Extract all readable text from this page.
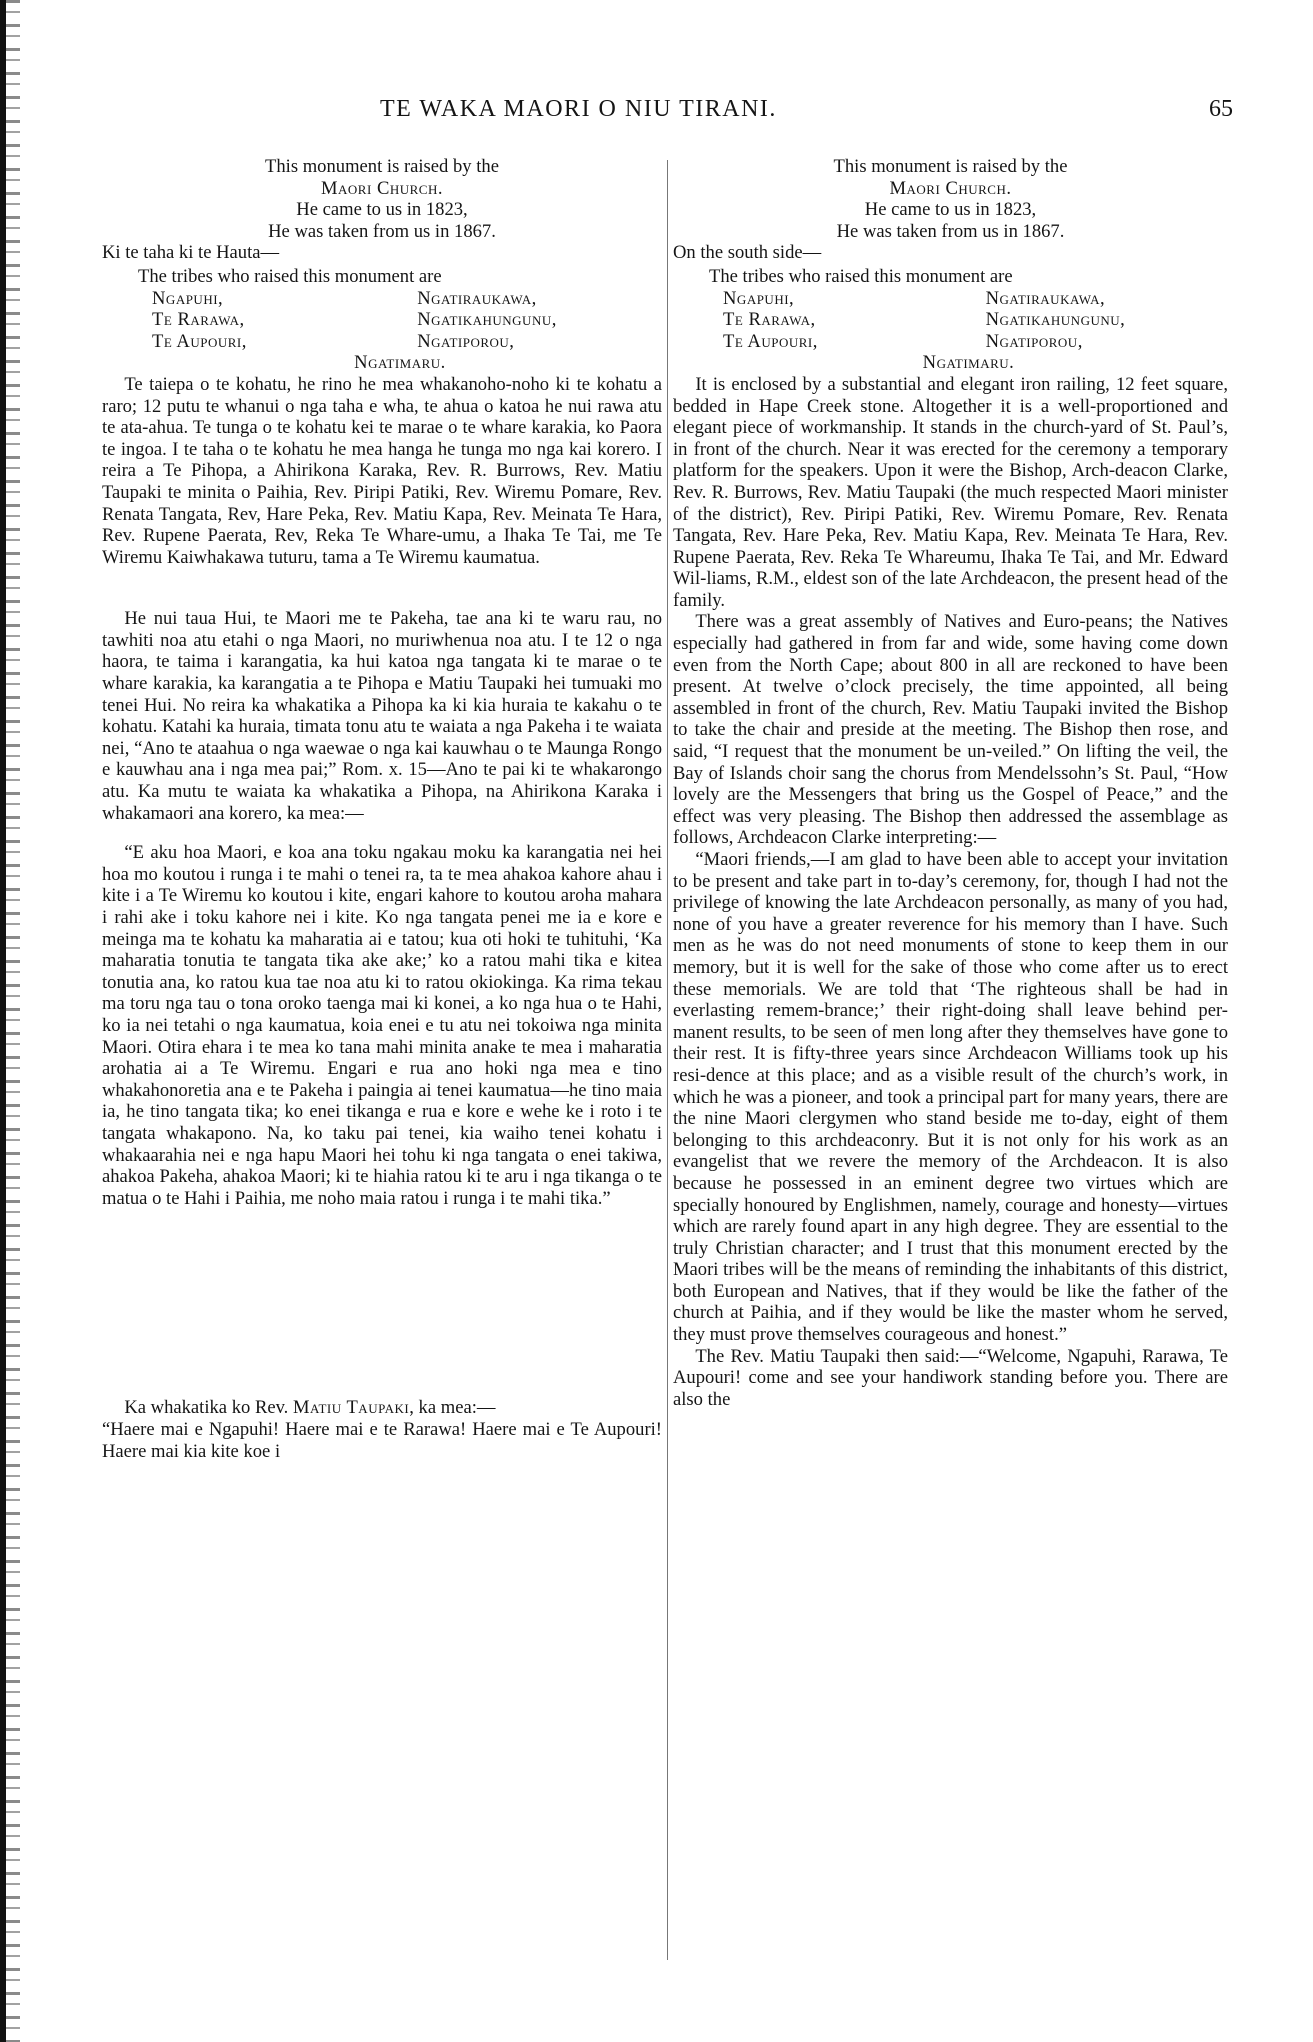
TE WAKA MAORI O NIU TIRANI.	65
This monument is raised by the
Maori Church.
He came to us in 1823,
He was taken from us in 1867.

Ki te taha ki te Hauta—

The tribes who raised this monument are
Ngapuhi,	Ngatiraukawa,
Te Rarawa,	Ngatikahungunu,
Te Aupouri,	Ngatiporou,
Ngatimaru.

Te taiepa o te kohatu, he rino he mea whakanoho-noho ki te kohatu a raro; 12 putu te whanui o nga taha e wha, te ahua o katoa he nui rawa atu te ata-ahua. Te tunga o te kohatu kei te marae o te whare karakia, ko Paora te ingoa. I te taha o te kohatu he mea hanga he tunga mo nga kai korero. I reira a Te Pihopa, a Ahirikona Karaka, Rev. R. Burrows, Rev. Matiu Taupaki te minita o Paihia, Rev. Piripi Patiki, Rev. Wiremu Pomare, Rev. Renata Tangata, Rev, Hare Peka, Rev. Matiu Kapa, Rev. Meinata Te Hara, Rev. Rupene Paerata, Rev, Reka Te Whare-umu, a Ihaka Te Tai, me Te Wiremu Kaiwhakawa tuturu, tama a Te Wiremu kaumatua.

He nui taua Hui, te Maori me te Pakeha, tae ana ki te waru rau, no tawhiti noa atu etahi o nga Maori, no muriwhenua noa atu. I te 12 o nga haora, te taima i karangatia, ka hui katoa nga tangata ki te marae o te whare karakia, ka karangatia a te Pihopa e Matiu Taupaki hei tumuaki mo tenei Hui. No reira ka whakatika a Pihopa ka ki kia huraia te kakahu o te kohatu. Katahi ka huraia, timata tonu atu te waiata a nga Pakeha i te waiata nei, “Ano te ataahua o nga waewae o nga kai kauwhau o te Maunga Rongo e kauwhau ana i nga mea pai;” Rom. x. 15—Ano te pai ki te whakarongo atu. Ka mutu te waiata ka whakatika a Pihopa, na Ahirikona Karaka i whakamaori ana korero, ka mea:—

“E aku hoa Maori, e koa ana toku ngakau moku ka karangatia nei hei hoa mo koutou i runga i te mahi o tenei ra, ta te mea ahakoa kahore ahau i kite i a Te Wiremu ko koutou i kite, engari kahore to koutou aroha mahara i rahi ake i toku kahore nei i kite. Ko nga tangata penei me ia e kore e meinga ma te kohatu ka maharatia ai e tatou; kua oti hoki te tuhituhi, ‘Ka maharatia tonutia te tangata tika ake ake;’ ko a ratou mahi tika e kitea tonutia ana, ko ratou kua tae noa atu ki to ratou okiokinga. Ka rima tekau ma toru nga tau o tona oroko taenga mai ki konei, a ko nga hua o te Hahi, ko ia nei tetahi o nga kaumatua, koia enei e tu atu nei tokoiwa nga minita Maori. Otira ehara i te mea ko tana mahi minita anake te mea i maharatia arohatia ai a Te Wiremu. Engari e rua ano hoki nga mea e tino whakahonoretia ana e te Pakeha i paingia ai tenei kaumatua—he tino maia ia, he tino tangata tika; ko enei tikanga e rua e kore e wehe ke i roto i te tangata whakapono. Na, ko taku pai tenei, kia waiho tenei kohatu i whakaarahia nei e nga hapu Maori hei tohu ki nga tangata o enei takiwa, ahakoa Pakeha, ahakoa Maori; ki te hiahia ratou ki te aru i nga tikanga o te matua o te Hahi i Paihia, me noho maia ratou i runga i te mahi tika.”

Ka whakatika ko Rev. Matiu Taupaki, ka mea:—

“Haere mai e Ngapuhi! Haere mai e te Rarawa! Haere mai e Te Aupouri! Haere mai kia kite koe i

This monument is raised by the
Maori Church.
He came to us in 1823,
He was taken from us in 1867.

On the south side—

The tribes who raised this monument are
Ngapuhi,	Ngatiraukawa,
Te Rarawa,	Ngatikahungunu,
Te Aupouri,	Ngatiporou,
Ngatimaru.

It is enclosed by a substantial and elegant iron railing, 12 feet square, bedded in Hape Creek stone. Altogether it is a well-proportioned and elegant piece of workmanship. It stands in the church-yard of St. Paul’s, in front of the church. Near it was erected for the ceremony a temporary platform for the speakers. Upon it were the Bishop, Arch-deacon Clarke, Rev. R. Burrows, Rev. Matiu Taupaki (the much respected Maori minister of the district), Rev. Piripi Patiki, Rev. Wiremu Pomare, Rev. Renata Tangata, Rev. Hare Peka, Rev. Matiu Kapa, Rev. Meinata Te Hara, Rev. Rupene Paerata, Rev. Reka Te Whareumu, Ihaka Te Tai, and Mr. Edward Wil-liams, R.M., eldest son of the late Archdeacon, the present head of the family.

There was a great assembly of Natives and Euro-peans; the Natives especially had gathered in from far and wide, some having come down even from the North Cape; about 800 in all are reckoned to have been present. At twelve o’clock precisely, the time appointed, all being assembled in front of the church, Rev. Matiu Taupaki invited the Bishop to take the chair and preside at the meeting. The Bishop then rose, and said, “I request that the monument be un-veiled.” On lifting the veil, the Bay of Islands choir sang the chorus from Mendelssohn’s St. Paul, “How lovely are the Messengers that bring us the Gospel of Peace,” and the effect was very pleasing. The Bishop then addressed the assemblage as follows, Archdeacon Clarke interpreting:—

“Maori friends,—I am glad to have been able to accept your invitation to be present and take part in to-day’s ceremony, for, though I had not the privilege of knowing the late Archdeacon personally, as many of you had, none of you have a greater reverence for his memory than I have. Such men as he was do not need monuments of stone to keep them in our memory, but it is well for the sake of those who come after us to erect these memorials. We are told that ‘The righteous shall be had in everlasting remem-brance;’ their right-doing shall leave behind per-manent results, to be seen of men long after they themselves have gone to their rest. It is fifty-three years since Archdeacon Williams took up his resi-dence at this place; and as a visible result of the church’s work, in which he was a pioneer, and took a principal part for many years, there are the nine Maori clergymen who stand beside me to-day, eight of them belonging to this archdeaconry. But it is not only for his work as an evangelist that we revere the memory of the Archdeacon. It is also because he possessed in an eminent degree two virtues which are specially honoured by Englishmen, namely, courage and honesty—virtues which are rarely found apart in any high degree. They are essential to the truly Christian character; and I trust that this monument erected by the Maori tribes will be the means of reminding the inhabitants of this district, both European and Natives, that if they would be like the father of the church at Paihia, and if they would be like the master whom he served, they must prove themselves courageous and honest.”

The Rev. Matiu Taupaki then said:—“Welcome, Ngapuhi, Rarawa, Te Aupouri! come and see your handiwork standing before you. There are also the
